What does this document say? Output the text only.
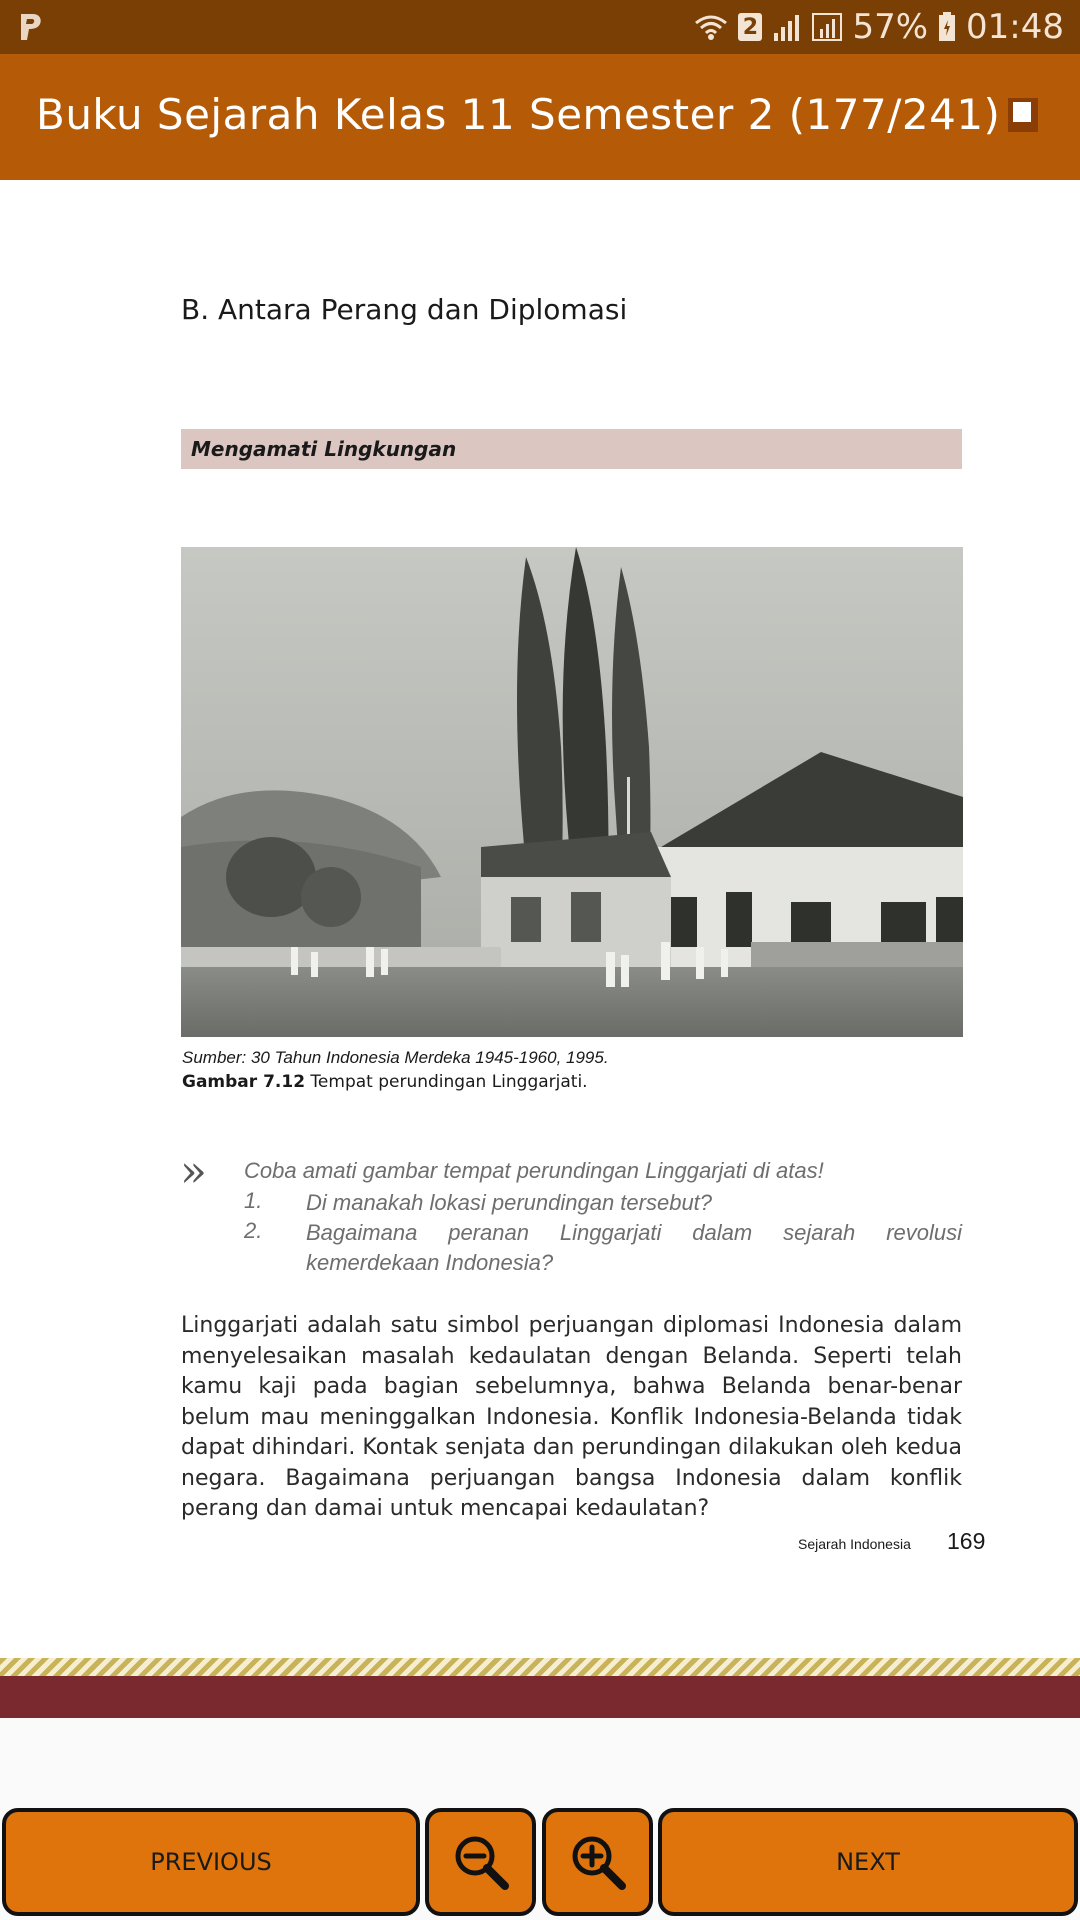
2	57% 01:48
Buku Sejarah Kelas 11 Semester 2 (177/241)
B. Antara Perang dan Diplomasi
Mengamati Lingkungan
Sumber: 30 Tahun Indonesia Merdeka 1945-1960, 1995.
Gambar 7.12 Tempat perundingan Linggarjati.
» Coba amati gambar tempat perundingan Linggarjati di atas!
1. Di manakah lokasi perundingan tersebut?
2. Bagaimana peranan Linggarjati dalam sejarah revolusi kemerdekaan Indonesia?
Linggarjati adalah satu simbol perjuangan diplomasi Indonesia dalam menyelesaikan masalah kedaulatan dengan Belanda. Seperti telah kamu kaji pada bagian sebelumnya, bahwa Belanda benar-benar belum mau meninggalkan Indonesia. Konflik Indonesia-Belanda tidak dapat dihindari. Kontak senjata dan perundingan dilakukan oleh kedua negara. Bagaimana perjuangan bangsa Indonesia dalam konflik perang dan damai untuk mencapai kedaulatan?
Sejarah Indonesia 169
PREVIOUS	NEXT
